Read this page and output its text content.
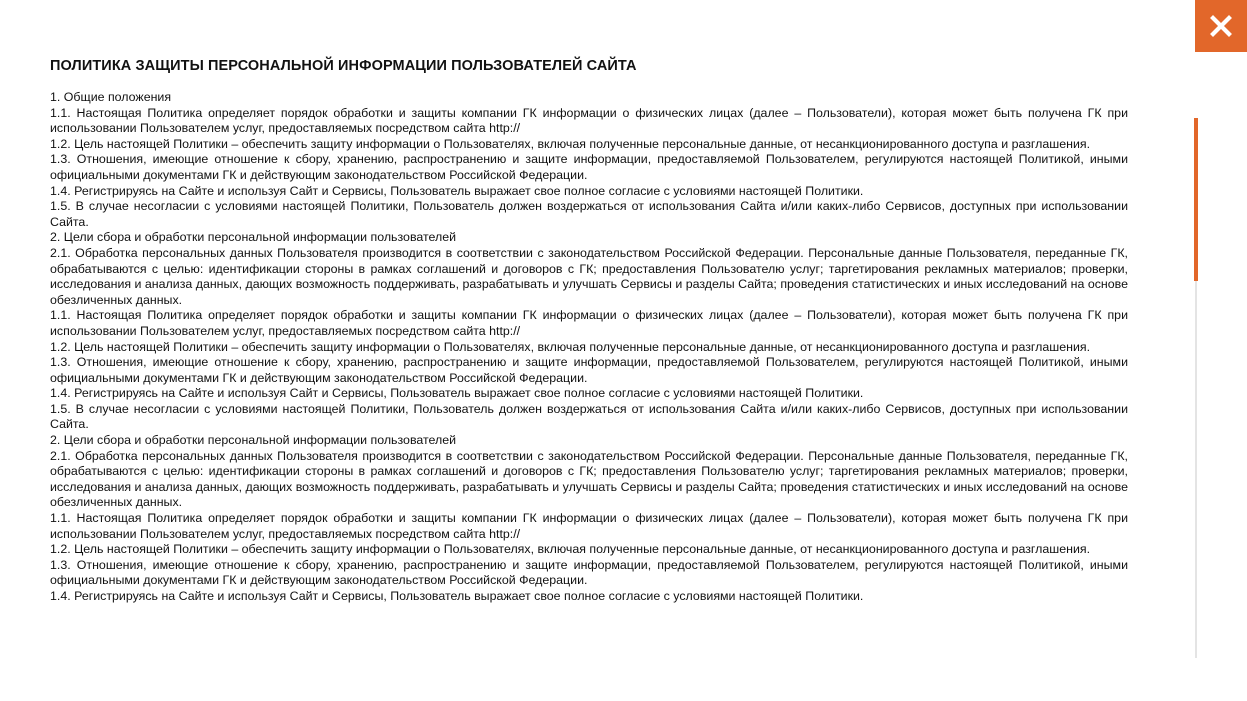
ПОЛИТИКА ЗАЩИТЫ ПЕРСОНАЛЬНОЙ ИНФОРМАЦИИ ПОЛЬЗОВАТЕЛЕЙ САЙТА

1. Общие положения

1.1. Настоящая Политика определяет порядок обработки и защиты компании ГК информации о физических лицах (далее – Пользователи), которая может быть получена ГК при использовании Пользователем услуг, предоставляемых посредством сайта http://

1.2. Цель настоящей Политики – обеспечить защиту информации о Пользователях, включая полученные персональные данные, от несанкционированного доступа и разглашения.

1.3. Отношения, имеющие отношение к сбору, хранению, распространению и защите информации, предоставляемой Пользователем, регулируются настоящей Политикой, иными официальными документами ГК и действующим законодательством Российской Федерации.

1.4. Регистрируясь на Сайте и используя Сайт и Сервисы, Пользователь выражает свое полное согласие с условиями настоящей Политики.

1.5. В случае несогласии с условиями настоящей Политики, Пользователь должен воздержаться от использования Сайта и/или каких-либо Сервисов, доступных при использовании Сайта.

2. Цели сбора и обработки персональной информации пользователей

2.1. Обработка персональных данных Пользователя производится в соответствии с законодательством Российской Федерации. Персональные данные Пользователя, переданные ГК, обрабатываются с целью: идентификации стороны в рамках соглашений и договоров с ГК; предоставления Пользователю услуг; таргетирования рекламных материалов; проверки, исследования и анализа данных, дающих возможность поддерживать, разрабатывать и улучшать Сервисы и разделы Сайта; проведения статистических и иных исследований на основе обезличенных данных.

1.1. Настоящая Политика определяет порядок обработки и защиты компании ГК информации о физических лицах (далее – Пользователи), которая может быть получена ГК при использовании Пользователем услуг, предоставляемых посредством сайта http://

1.2. Цель настоящей Политики – обеспечить защиту информации о Пользователях, включая полученные персональные данные, от несанкционированного доступа и разглашения.

1.3. Отношения, имеющие отношение к сбору, хранению, распространению и защите информации, предоставляемой Пользователем, регулируются настоящей Политикой, иными официальными документами ГК и действующим законодательством Российской Федерации.

1.4. Регистрируясь на Сайте и используя Сайт и Сервисы, Пользователь выражает свое полное согласие с условиями настоящей Политики.

1.5. В случае несогласии с условиями настоящей Политики, Пользователь должен воздержаться от использования Сайта и/или каких-либо Сервисов, доступных при использовании Сайта.

2. Цели сбора и обработки персональной информации пользователей

2.1. Обработка персональных данных Пользователя производится в соответствии с законодательством Российской Федерации. Персональные данные Пользователя, переданные ГК, обрабатываются с целью: идентификации стороны в рамках соглашений и договоров с ГК; предоставления Пользователю услуг; таргетирования рекламных материалов; проверки, исследования и анализа данных, дающих возможность поддерживать, разрабатывать и улучшать Сервисы и разделы Сайта; проведения статистических и иных исследований на основе обезличенных данных.

1.1. Настоящая Политика определяет порядок обработки и защиты компании ГК информации о физических лицах (далее – Пользователи), которая может быть получена ГК при использовании Пользователем услуг, предоставляемых посредством сайта http://

1.2. Цель настоящей Политики – обеспечить защиту информации о Пользователях, включая полученные персональные данные, от несанкционированного доступа и разглашения.

1.3. Отношения, имеющие отношение к сбору, хранению, распространению и защите информации, предоставляемой Пользователем, регулируются настоящей Политикой, иными официальными документами ГК и действующим законодательством Российской Федерации.

1.4. Регистрируясь на Сайте и используя Сайт и Сервисы, Пользователь выражает свое полное согласие с условиями настоящей Политики.
